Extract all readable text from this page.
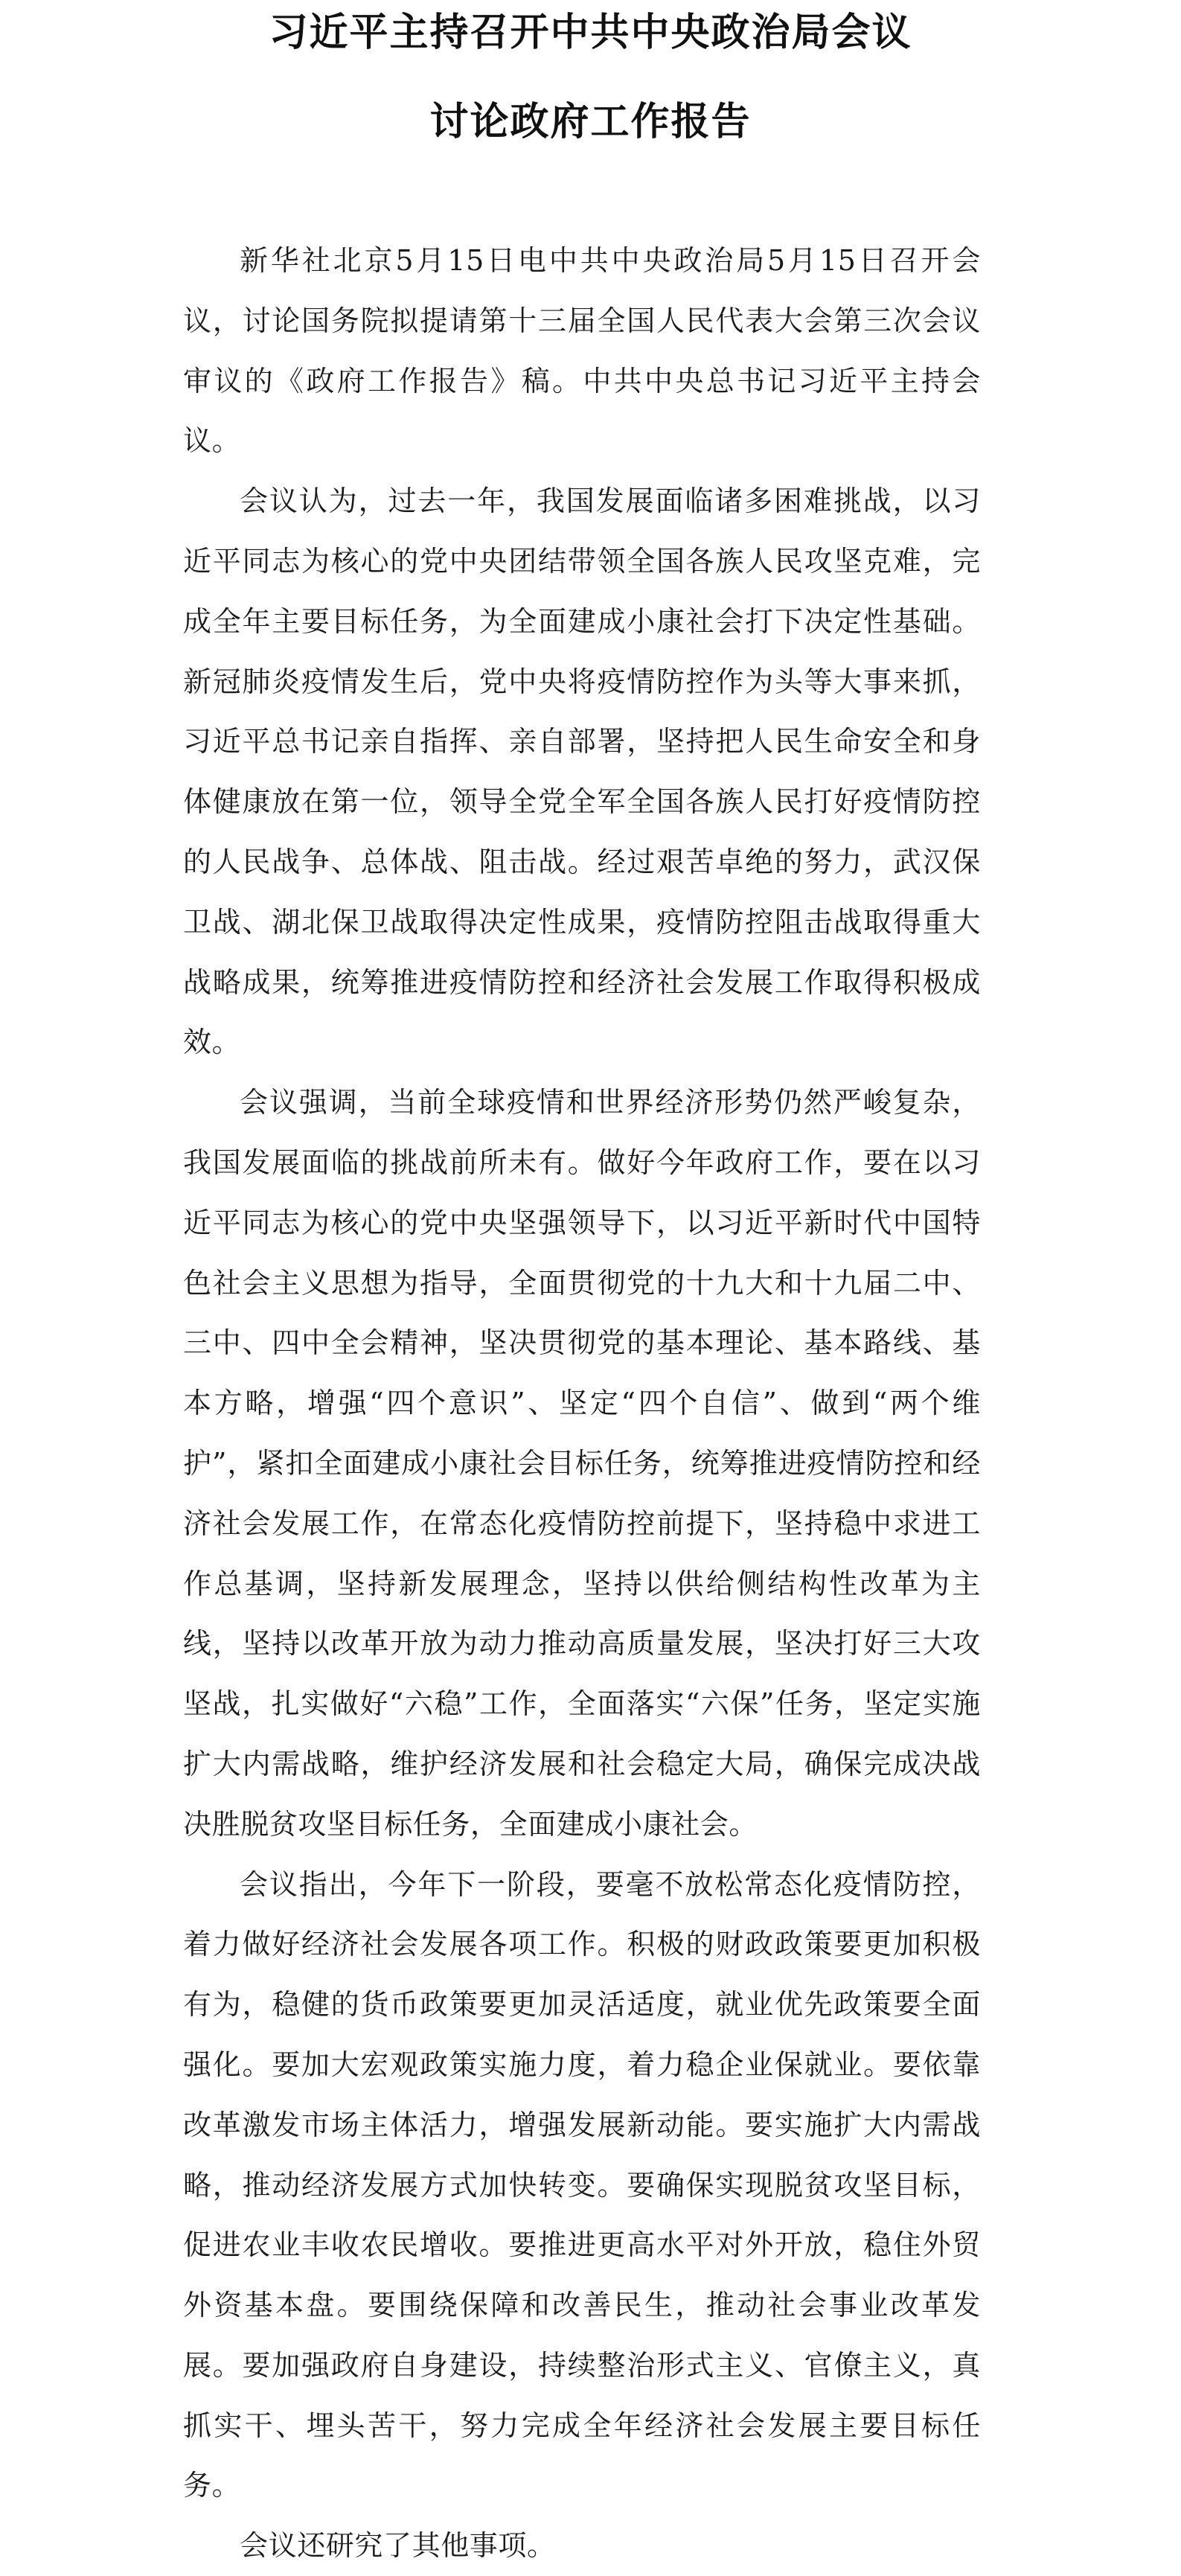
习近平主持召开中共中央政治局会议
讨论政府工作报告

新华社北京5月15日电中共中央政治局5月15日召开会议，讨论国务院拟提请第十三届全国人民代表大会第三次会议审议的《政府工作报告》稿。中共中央总书记习近平主持会议。

会议认为，过去一年，我国发展面临诸多困难挑战，以习近平同志为核心的党中央团结带领全国各族人民攻坚克难，完成全年主要目标任务，为全面建成小康社会打下决定性基础。新冠肺炎疫情发生后，党中央将疫情防控作为头等大事来抓，习近平总书记亲自指挥、亲自部署，坚持把人民生命安全和身体健康放在第一位，领导全党全军全国各族人民打好疫情防控的人民战争、总体战、阻击战。经过艰苦卓绝的努力，武汉保卫战、湖北保卫战取得决定性成果，疫情防控阻击战取得重大战略成果，统筹推进疫情防控和经济社会发展工作取得积极成效。

会议强调，当前全球疫情和世界经济形势仍然严峻复杂，我国发展面临的挑战前所未有。做好今年政府工作，要在以习近平同志为核心的党中央坚强领导下，以习近平新时代中国特色社会主义思想为指导，全面贯彻党的十九大和十九届二中、三中、四中全会精神，坚决贯彻党的基本理论、基本路线、基本方略，增强“四个意识”、坚定“四个自信”、做到“两个维护”，紧扣全面建成小康社会目标任务，统筹推进疫情防控和经济社会发展工作，在常态化疫情防控前提下，坚持稳中求进工作总基调，坚持新发展理念，坚持以供给侧结构性改革为主线，坚持以改革开放为动力推动高质量发展，坚决打好三大攻坚战，扎实做好“六稳”工作，全面落实“六保”任务，坚定实施扩大内需战略，维护经济发展和社会稳定大局，确保完成决战决胜脱贫攻坚目标任务，全面建成小康社会。

会议指出，今年下一阶段，要毫不放松常态化疫情防控，着力做好经济社会发展各项工作。积极的财政政策要更加积极有为，稳健的货币政策要更加灵活适度，就业优先政策要全面强化。要加大宏观政策实施力度，着力稳企业保就业。要依靠改革激发市场主体活力，增强发展新动能。要实施扩大内需战略，推动经济发展方式加快转变。要确保实现脱贫攻坚目标，促进农业丰收农民增收。要推进更高水平对外开放，稳住外贸外资基本盘。要围绕保障和改善民生，推动社会事业改革发展。要加强政府自身建设，持续整治形式主义、官僚主义，真抓实干、埋头苦干，努力完成全年经济社会发展主要目标任务。

会议还研究了其他事项。
